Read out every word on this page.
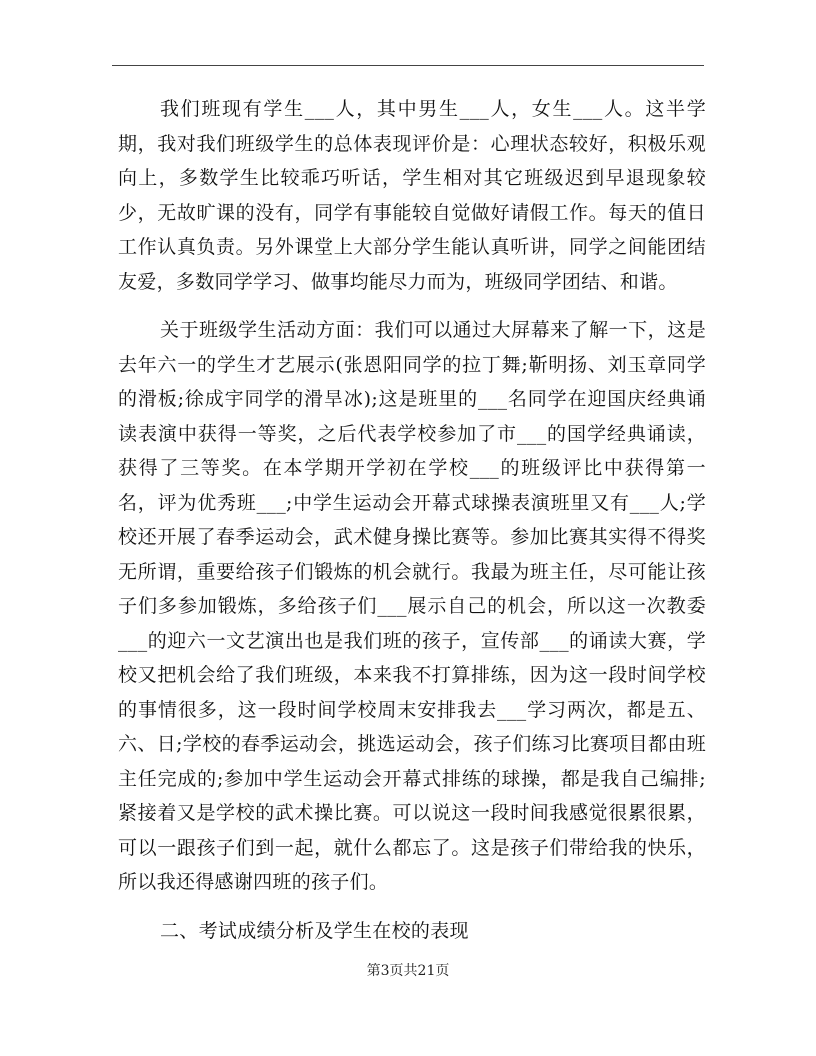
我们班现有学生___人，其中男生___人，女生___人。这半学期，我对我们班级学生的总体表现评价是：心理状态较好，积极乐观向上，多数学生比较乖巧听话，学生相对其它班级迟到早退现象较少，无故旷课的没有，同学有事能较自觉做好请假工作。每天的值日工作认真负责。另外课堂上大部分学生能认真听讲，同学之间能团结友爱，多数同学学习、做事均能尽力而为，班级同学团结、和谐。

关于班级学生活动方面：我们可以通过大屏幕来了解一下，这是去年六一的学生才艺展示(张恩阳同学的拉丁舞;靳明扬、刘玉章同学的滑板;徐成宇同学的滑旱冰);这是班里的___名同学在迎国庆经典诵读表演中获得一等奖，之后代表学校参加了市___的国学经典诵读，获得了三等奖。在本学期开学初在学校___的班级评比中获得第一名，评为优秀班___;中学生运动会开幕式球操表演班里又有___人;学校还开展了春季运动会，武术健身操比赛等。参加比赛其实得不得奖无所谓，重要给孩子们锻炼的机会就行。我最为班主任，尽可能让孩子们多参加锻炼，多给孩子们___展示自己的机会，所以这一次教委___的迎六一文艺演出也是我们班的孩子，宣传部___的诵读大赛，学校又把机会给了我们班级，本来我不打算排练，因为这一段时间学校的事情很多，这一段时间学校周末安排我去___学习两次，都是五、六、日;学校的春季运动会，挑选运动会，孩子们练习比赛项目都由班主任完成的;参加中学生运动会开幕式排练的球操，都是我自己编排;紧接着又是学校的武术操比赛。可以说这一段时间我感觉很累很累，可以一跟孩子们到一起，就什么都忘了。这是孩子们带给我的快乐，所以我还得感谢四班的孩子们。

二、考试成绩分析及学生在校的表现

第3页共21页
